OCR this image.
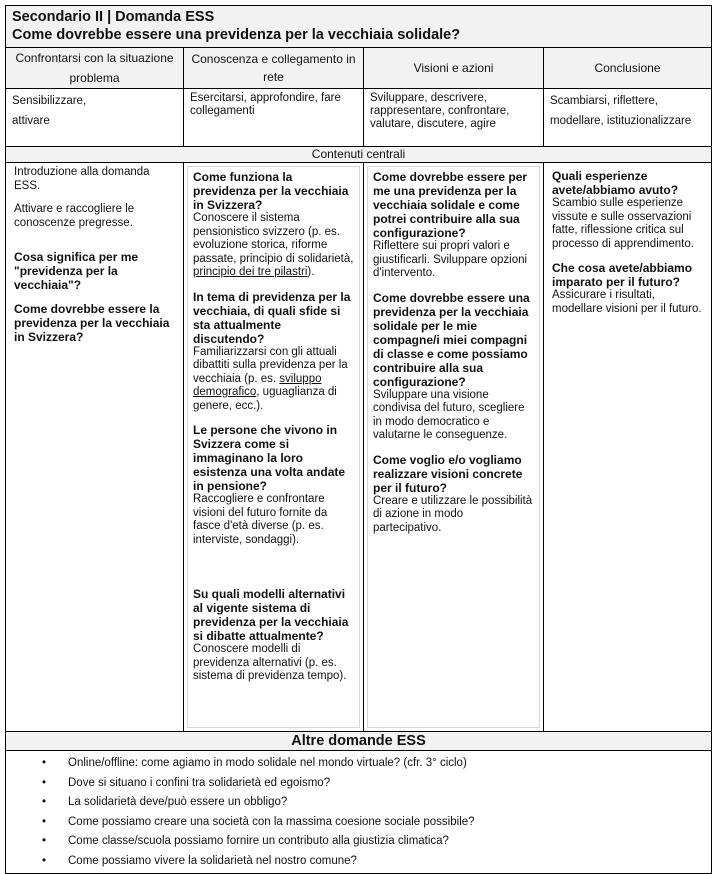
Secondario II | Domanda ESS
Come dovrebbe essere una previdenza per la vecchiaia solidale?
Confrontarsi con la situazione problema
Conoscenza e collegamento in rete
Visioni e azioni	Conclusione
Sensibilizzare,
attivare
Esercitarsi, approfondire, fare collegamenti
Sviluppare, descrivere, rappresentare, confrontare, valutare, discutere, agire
Scambiarsi, riflettere,
modellare, istituzionalizzare
Contenuti centrali
Introduzione alla domanda ESS.
Attivare e raccogliere le conoscenze pregresse.
Cosa significa per me "previdenza per la vecchiaia"?
Come dovrebbe essere la previdenza per la vecchiaia in Svizzera?
Come funziona la previdenza per la vecchiaia in Svizzera?
Conoscere il sistema pensionistico svizzero (p. es. evoluzione storica, riforme passate, principio di solidarietà, principio dei tre pilastri).
In tema di previdenza per la vecchiaia, di quali sfide si sta attualmente discutendo?
Familiarizzarsi con gli attuali dibattiti sulla previdenza per la vecchiaia (p. es. sviluppo demografico, uguaglianza di genere, ecc.).
Le persone che vivono in Svizzera come si immaginano la loro esistenza una volta andate in pensione?
Raccogliere e confrontare visioni del futuro fornite da fasce d'età diverse (p. es. interviste, sondaggi).
Su quali modelli alternativi al vigente sistema di previdenza per la vecchiaia si dibatte attualmente?
Conoscere modelli di previdenza alternativi (p. es. sistema di previdenza tempo).
Come dovrebbe essere per me una previdenza per la vecchiaia solidale e come potrei contribuire alla sua configurazione?
Riflettere sui propri valori e giustificarli. Sviluppare opzioni d'intervento.
Come dovrebbe essere una previdenza per la vecchiaia solidale per le mie compagne/i miei compagni di classe e come possiamo contribuire alla sua configurazione?
Sviluppare una visione condivisa del futuro, scegliere in modo democratico e valutarne le conseguenze.
Come voglio e/o vogliamo realizzare visioni concrete per il futuro?
Creare e utilizzare le possibilità di azione in modo partecipativo.
Quali esperienze avete/abbiamo avuto?
Scambio sulle esperienze vissute e sulle osservazioni fatte, riflessione critica sul processo di apprendimento.
Che cosa avete/abbiamo imparato per il futuro?
Assicurare i risultati, modellare visioni per il futuro.
Altre domande ESS
• Online/offline: come agiamo in modo solidale nel mondo virtuale? (cfr. 3° ciclo)
• Dove si situano i confini tra solidarietà ed egoismo?
• La solidarietà deve/può essere un obbligo?
• Come possiamo creare una società con la massima coesione sociale possibile?
• Come classe/scuola possiamo fornire un contributo alla giustizia climatica?
• Come possiamo vivere la solidarietà nel nostro comune?
